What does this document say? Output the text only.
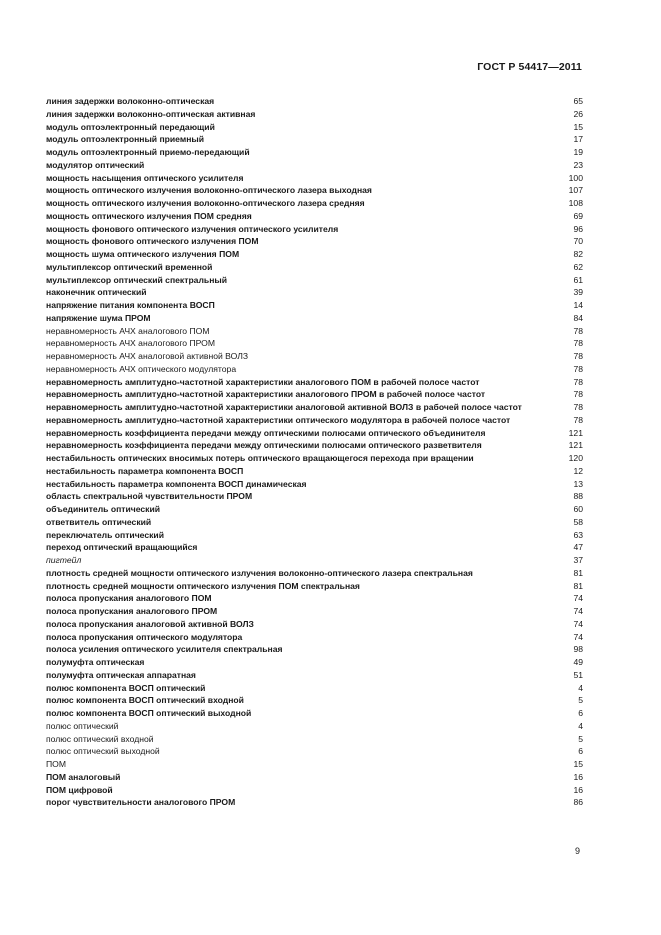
ГОСТ Р 54417—2011
линия задержки волоконно-оптическая	65
линия задержки волоконно-оптическая активная	26
модуль оптоэлектронный передающий	15
модуль оптоэлектронный приемный	17
модуль оптоэлектронный приемо-передающий	19
модулятор оптический	23
мощность насыщения оптического усилителя	100
мощность оптического излучения волоконно-оптического лазера выходная	107
мощность оптического излучения волоконно-оптического лазера средняя	108
мощность оптического излучения ПОМ средняя	69
мощность фонового оптического излучения оптического усилителя	96
мощность фонового оптического излучения ПОМ	70
мощность шума оптического излучения ПОМ	82
мультиплексор оптический временной	62
мультиплексор оптический спектральный	61
наконечник оптический	39
напряжение питания компонента ВОСП	14
напряжение шума ПРОМ	84
неравномерность АЧХ аналогового ПОМ	78
неравномерность АЧХ аналогового ПРОМ	78
неравномерность АЧХ аналоговой активной ВОЛЗ	78
неравномерность АЧХ оптического модулятора	78
неравномерность амплитудно-частотной характеристики аналогового ПОМ в рабочей полосе частот	78
неравномерность амплитудно-частотной характеристики аналогового ПРОМ в рабочей полосе частот	78
неравномерность амплитудно-частотной характеристики аналоговой активной ВОЛЗ в рабочей полосе частот	78
неравномерность амплитудно-частотной характеристики оптического модулятора в рабочей полосе частот	78
неравномерность коэффициента передачи между оптическими полюсами оптического объединителя	121
неравномерность коэффициента передачи между оптическими полюсами оптического разветвителя	121
нестабильность оптических вносимых потерь оптического вращающегося перехода при вращении	120
нестабильность параметра компонента ВОСП	12
нестабильность параметра компонента ВОСП динамическая	13
область спектральной чувствительности ПРОМ	88
объединитель оптический	60
ответвитель оптический	58
переключатель оптический	63
переход оптический вращающийся	47
пигтейл	37
плотность средней мощности оптического излучения волоконно-оптического лазера спектральная	81
плотность средней мощности оптического излучения ПОМ спектральная	81
полоса пропускания аналогового ПОМ	74
полоса пропускания аналогового ПРОМ	74
полоса пропускания аналоговой активной ВОЛЗ	74
полоса пропускания оптического модулятора	74
полоса усиления оптического усилителя спектральная	98
полумуфта оптическая	49
полумуфта оптическая аппаратная	51
полюс компонента ВОСП оптический	4
полюс компонента ВОСП оптический входной	5
полюс компонента ВОСП оптический выходной	6
полюс оптический	4
полюс оптический входной	5
полюс оптический выходной	6
ПОМ	15
ПОМ аналоговый	16
ПОМ цифровой	16
порог чувствительности аналогового ПРОМ	86
9
